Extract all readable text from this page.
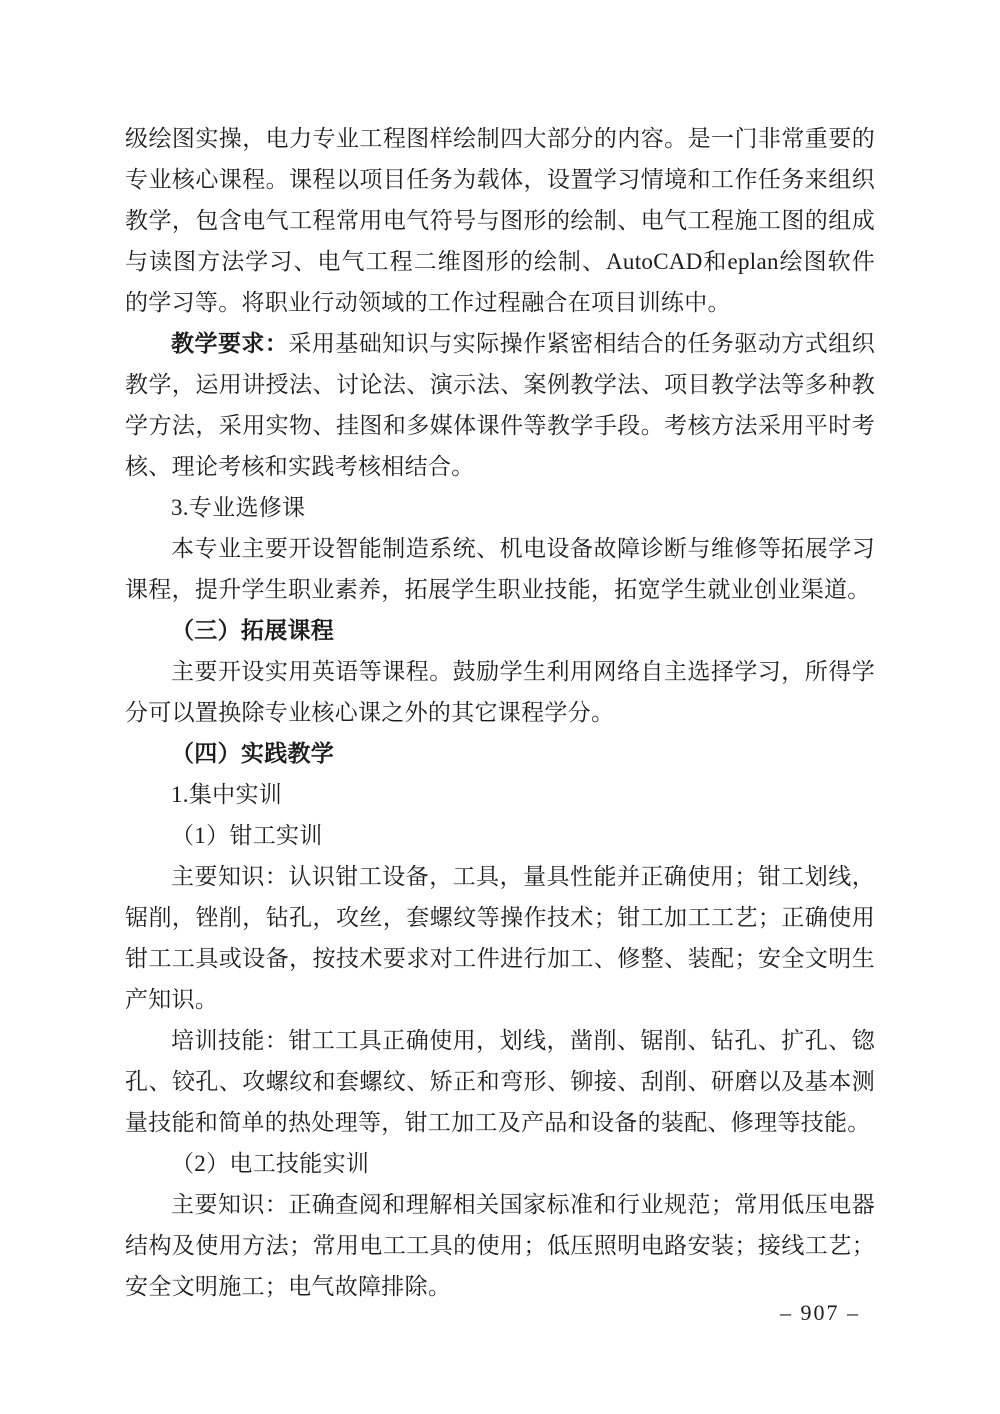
级绘图实操，电力专业工程图样绘制四大部分的内容。是一门非常重要的专业核心课程。课程以项目任务为载体，设置学习情境和工作任务来组织教学，包含电气工程常用电气符号与图形的绘制、电气工程施工图的组成与读图方法学习、电气工程二维图形的绘制、AutoCAD和eplan绘图软件的学习等。将职业行动领域的工作过程融合在项目训练中。

教学要求：采用基础知识与实际操作紧密相结合的任务驱动方式组织教学，运用讲授法、讨论法、演示法、案例教学法、项目教学法等多种教学方法，采用实物、挂图和多媒体课件等教学手段。考核方法采用平时考核、理论考核和实践考核相结合。

3.专业选修课

本专业主要开设智能制造系统、机电设备故障诊断与维修等拓展学习课程，提升学生职业素养，拓展学生职业技能，拓宽学生就业创业渠道。

（三）拓展课程

主要开设实用英语等课程。鼓励学生利用网络自主选择学习，所得学分可以置换除专业核心课之外的其它课程学分。

（四）实践教学

1.集中实训

（1）钳工实训

主要知识：认识钳工设备，工具，量具性能并正确使用；钳工划线，锯削，锉削，钻孔，攻丝，套螺纹等操作技术；钳工加工工艺；正确使用钳工工具或设备，按技术要求对工件进行加工、修整、装配；安全文明生产知识。

培训技能：钳工工具正确使用，划线，凿削、锯削、钻孔、扩孔、锪孔、铰孔、攻螺纹和套螺纹、矫正和弯形、铆接、刮削、研磨以及基本测量技能和简单的热处理等，钳工加工及产品和设备的装配、修理等技能。

（2）电工技能实训

主要知识：正确查阅和理解相关国家标准和行业规范；常用低压电器结构及使用方法；常用电工工具的使用；低压照明电路安装；接线工艺；安全文明施工；电气故障排除。

– 907 –
